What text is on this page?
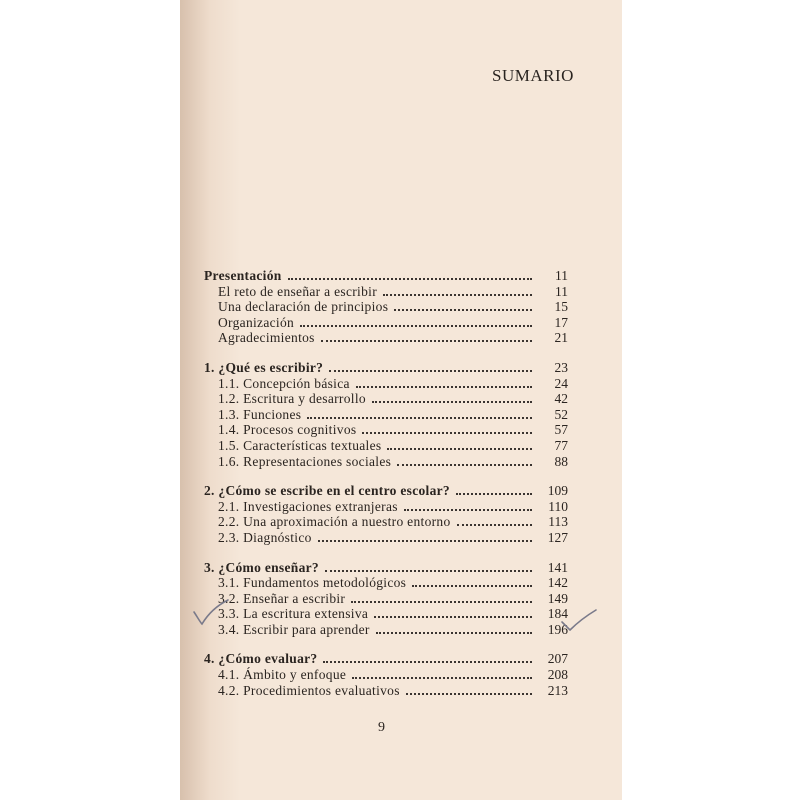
SUMARIO
Presentación	11
El reto de enseñar a escribir	11
Una declaración de principios	15
Organización	17
Agradecimientos	21
1. ¿Qué es escribir?	23
1.1. Concepción básica	24
1.2. Escritura y desarrollo	42
1.3. Funciones	52
1.4. Procesos cognitivos	57
1.5. Características textuales	77
1.6. Representaciones sociales	88
2. ¿Cómo se escribe en el centro escolar?	109
2.1. Investigaciones extranjeras	110
2.2. Una aproximación a nuestro entorno	113
2.3. Diagnóstico	127
3. ¿Cómo enseñar?	141
3.1. Fundamentos metodológicos	142
3.2. Enseñar a escribir	149
3.3. La escritura extensiva	184
3.4. Escribir para aprender	196
4. ¿Cómo evaluar?	207
4.1. Ámbito y enfoque	208
4.2. Procedimientos evaluativos	213
9
